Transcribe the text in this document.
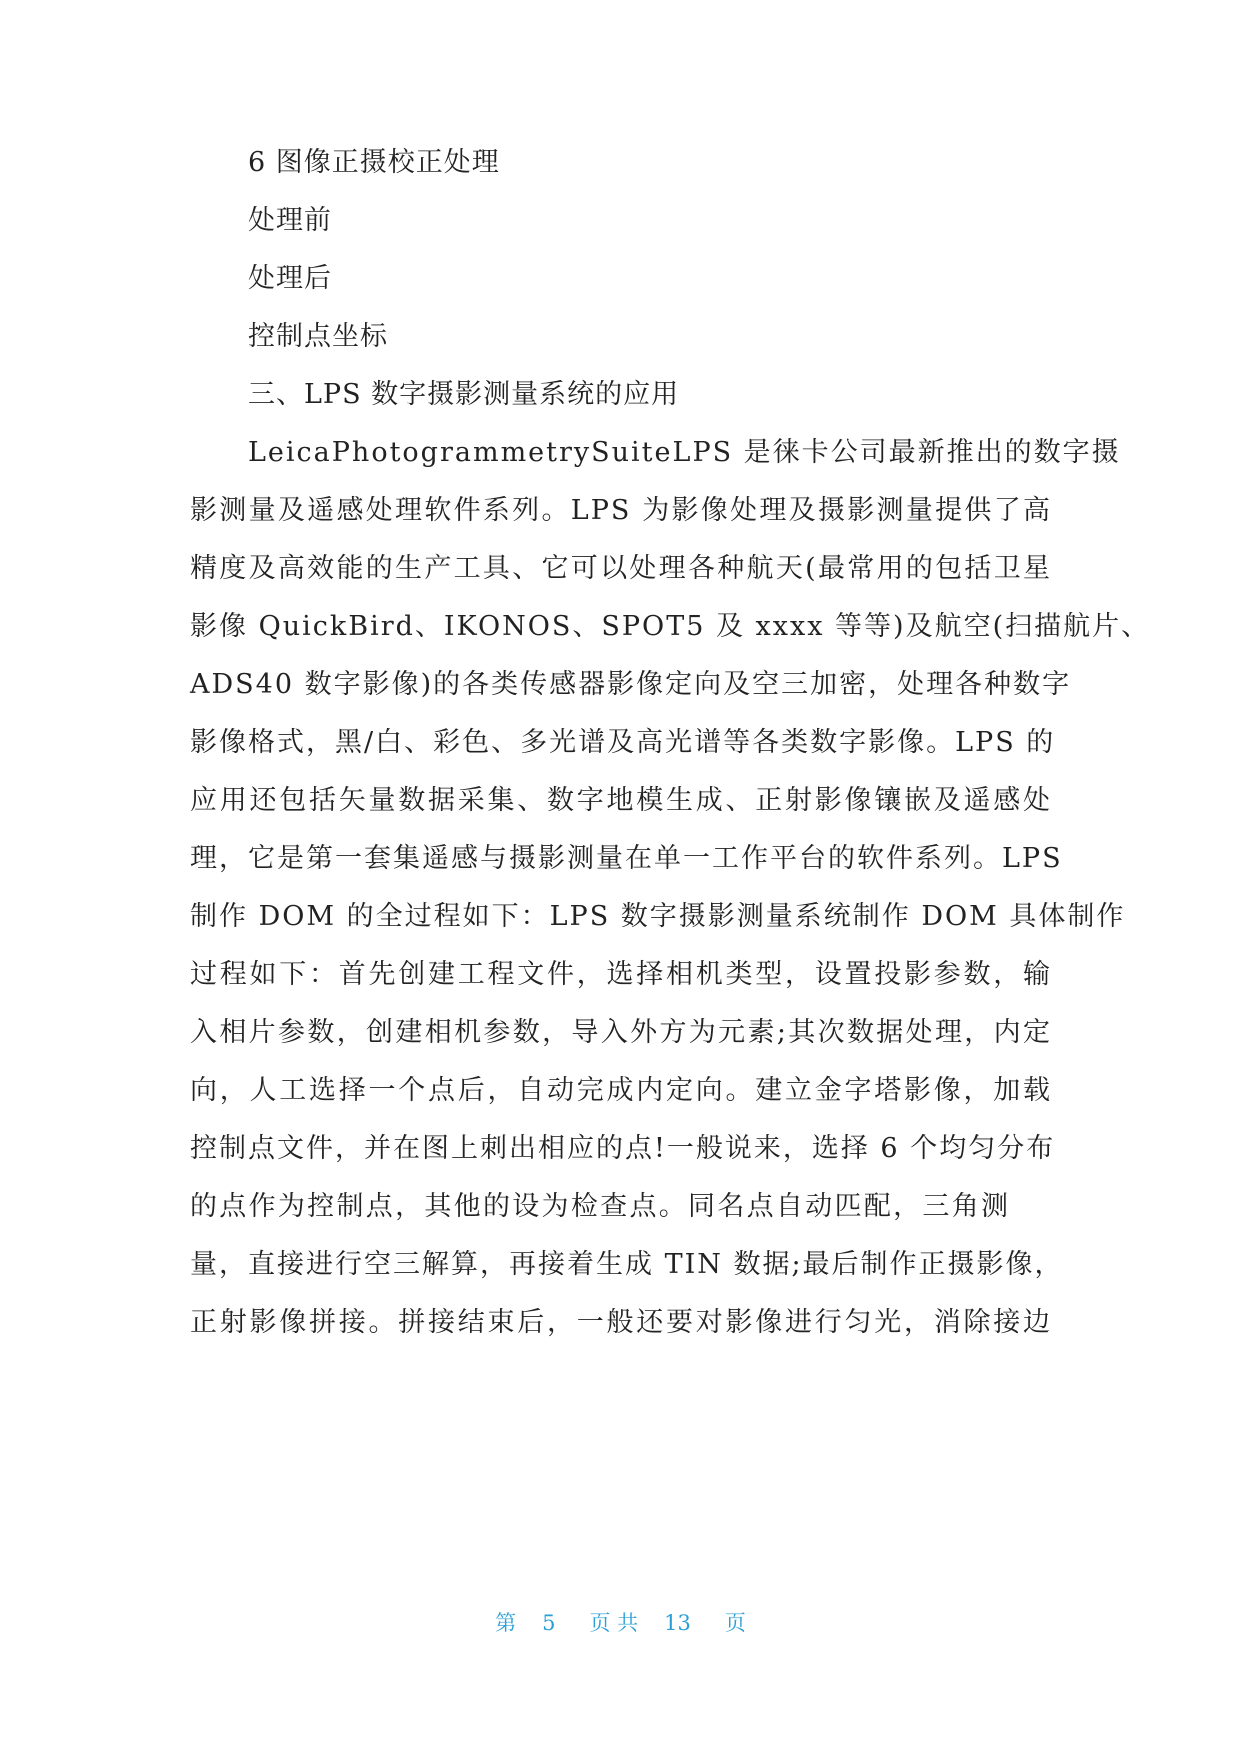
6 图像正摄校正处理
处理前
处理后
控制点坐标
三、LPS 数字摄影测量系统的应用
LeicaPhotogrammetrySuiteLPS 是徕卡公司最新推出的数字摄
影测量及遥感处理软件系列。LPS 为影像处理及摄影测量提供了高
精度及高效能的生产工具、它可以处理各种航天(最常用的包括卫星
影像 QuickBird、IKONOS、SPOT5 及 xxxx 等等)及航空(扫描航片、
ADS40 数字影像)的各类传感器影像定向及空三加密，处理各种数字
影像格式，黑/白、彩色、多光谱及高光谱等各类数字影像。LPS 的
应用还包括矢量数据采集、数字地模生成、正射影像镶嵌及遥感处
理，它是第一套集遥感与摄影测量在单一工作平台的软件系列。LPS
制作 DOM 的全过程如下：LPS 数字摄影测量系统制作 DOM 具体制作
过程如下：首先创建工程文件，选择相机类型，设置投影参数，输
入相片参数，创建相机参数，导入外方为元素;其次数据处理，内定
向，人工选择一个点后，自动完成内定向。建立金字塔影像，加载
控制点文件，并在图上刺出相应的点!一般说来，选择 6 个均匀分布
的点作为控制点，其他的设为检查点。同名点自动匹配，三角测
量，直接进行空三解算，再接着生成 TIN 数据;最后制作正摄影像，
正射影像拼接。拼接结束后，一般还要对影像进行匀光，消除接边
第 5 页 共 13 页
